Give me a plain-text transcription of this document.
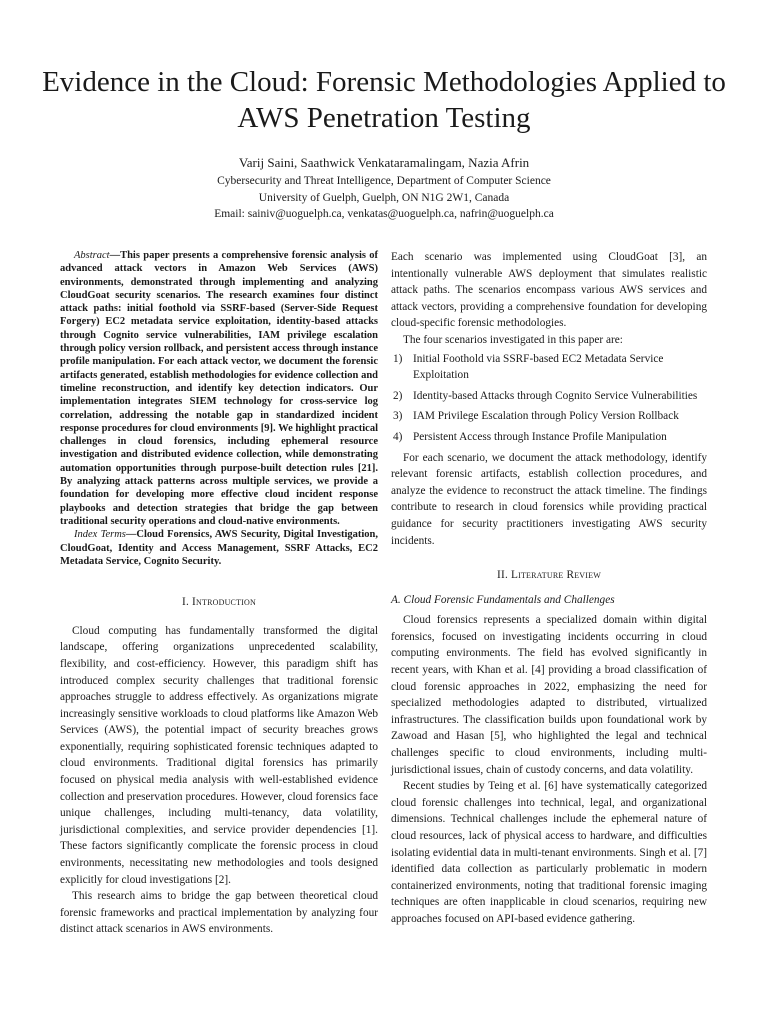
Evidence in the Cloud: Forensic Methodologies Applied to AWS Penetration Testing
Varij Saini, Saathwick Venkataramalingam, Nazia Afrin
Cybersecurity and Threat Intelligence, Department of Computer Science
University of Guelph, Guelph, ON N1G 2W1, Canada
Email: sainiv@uoguelph.ca, venkatas@uoguelph.ca, nafrin@uoguelph.ca

Abstract—This paper presents a comprehensive forensic analysis of advanced attack vectors in Amazon Web Services (AWS) environments, demonstrated through implementing and analyzing CloudGoat security scenarios. The research examines four distinct attack paths: initial foothold via SSRF-based (Server-Side Request Forgery) EC2 metadata service exploitation, identity-based attacks through Cognito service vulnerabilities, IAM privilege escalation through policy version rollback, and persistent access through instance profile manipulation. For each attack vector, we document the forensic artifacts generated, establish methodologies for evidence collection and timeline reconstruction, and identify key detection indicators. Our implementation integrates SIEM technology for cross-service log correlation, addressing the notable gap in standardized incident response procedures for cloud environments [9]. We highlight practical challenges in cloud forensics, including ephemeral resource investigation and distributed evidence collection, while demonstrating automation opportunities through purpose-built detection rules [21]. By analyzing attack patterns across multiple services, we provide a foundation for developing more effective cloud incident response playbooks and detection strategies that bridge the gap between traditional security operations and cloud-native environments.

Index Terms—Cloud Forensics, AWS Security, Digital Investigation, CloudGoat, Identity and Access Management, SSRF Attacks, EC2 Metadata Service, Cognito Security.

I. Introduction

Cloud computing has fundamentally transformed the digital landscape, offering organizations unprecedented scalability, flexibility, and cost-efficiency. However, this paradigm shift has introduced complex security challenges that traditional forensic approaches struggle to address effectively. As organizations migrate increasingly sensitive workloads to cloud platforms like Amazon Web Services (AWS), the potential impact of security breaches grows exponentially, requiring sophisticated forensic techniques adapted to cloud environments. Traditional digital forensics has primarily focused on physical media analysis with well-established evidence collection and preservation procedures. However, cloud forensics face unique challenges, including multi-tenancy, data volatility, jurisdictional complexities, and service provider dependencies [1]. These factors significantly complicate the forensic process in cloud environments, necessitating new methodologies and tools designed explicitly for cloud investigations [2].

This research aims to bridge the gap between theoretical cloud forensic frameworks and practical implementation by analyzing four distinct attack scenarios in AWS environments.

Each scenario was implemented using CloudGoat [3], an intentionally vulnerable AWS deployment that simulates realistic attack paths. The scenarios encompass various AWS services and attack vectors, providing a comprehensive foundation for developing cloud-specific forensic methodologies.

The four scenarios investigated in this paper are:

1) Initial Foothold via SSRF-based EC2 Metadata Service Exploitation
2) Identity-based Attacks through Cognito Service Vulnerabilities
3) IAM Privilege Escalation through Policy Version Rollback
4) Persistent Access through Instance Profile Manipulation

For each scenario, we document the attack methodology, identify relevant forensic artifacts, establish collection procedures, and analyze the evidence to reconstruct the attack timeline. The findings contribute to research in cloud forensics while providing practical guidance for security practitioners investigating AWS security incidents.

II. Literature Review
A. Cloud Forensic Fundamentals and Challenges

Cloud forensics represents a specialized domain within digital forensics, focused on investigating incidents occurring in cloud computing environments. The field has evolved significantly in recent years, with Khan et al. [4] providing a broad classification of cloud forensic approaches in 2022, emphasizing the need for specialized methodologies adapted to distributed, virtualized infrastructures. The classification builds upon foundational work by Zawoad and Hasan [5], who highlighted the legal and technical challenges specific to cloud environments, including multi-jurisdictional issues, chain of custody concerns, and data volatility.

Recent studies by Teing et al. [6] have systematically categorized cloud forensic challenges into technical, legal, and organizational dimensions. Technical challenges include the ephemeral nature of cloud resources, lack of physical access to hardware, and difficulties isolating evidential data in multi-tenant environments. Singh et al. [7] identified data collection as particularly problematic in modern containerized environments, noting that traditional forensic imaging techniques are often inapplicable in cloud scenarios, requiring new approaches focused on API-based evidence gathering.
